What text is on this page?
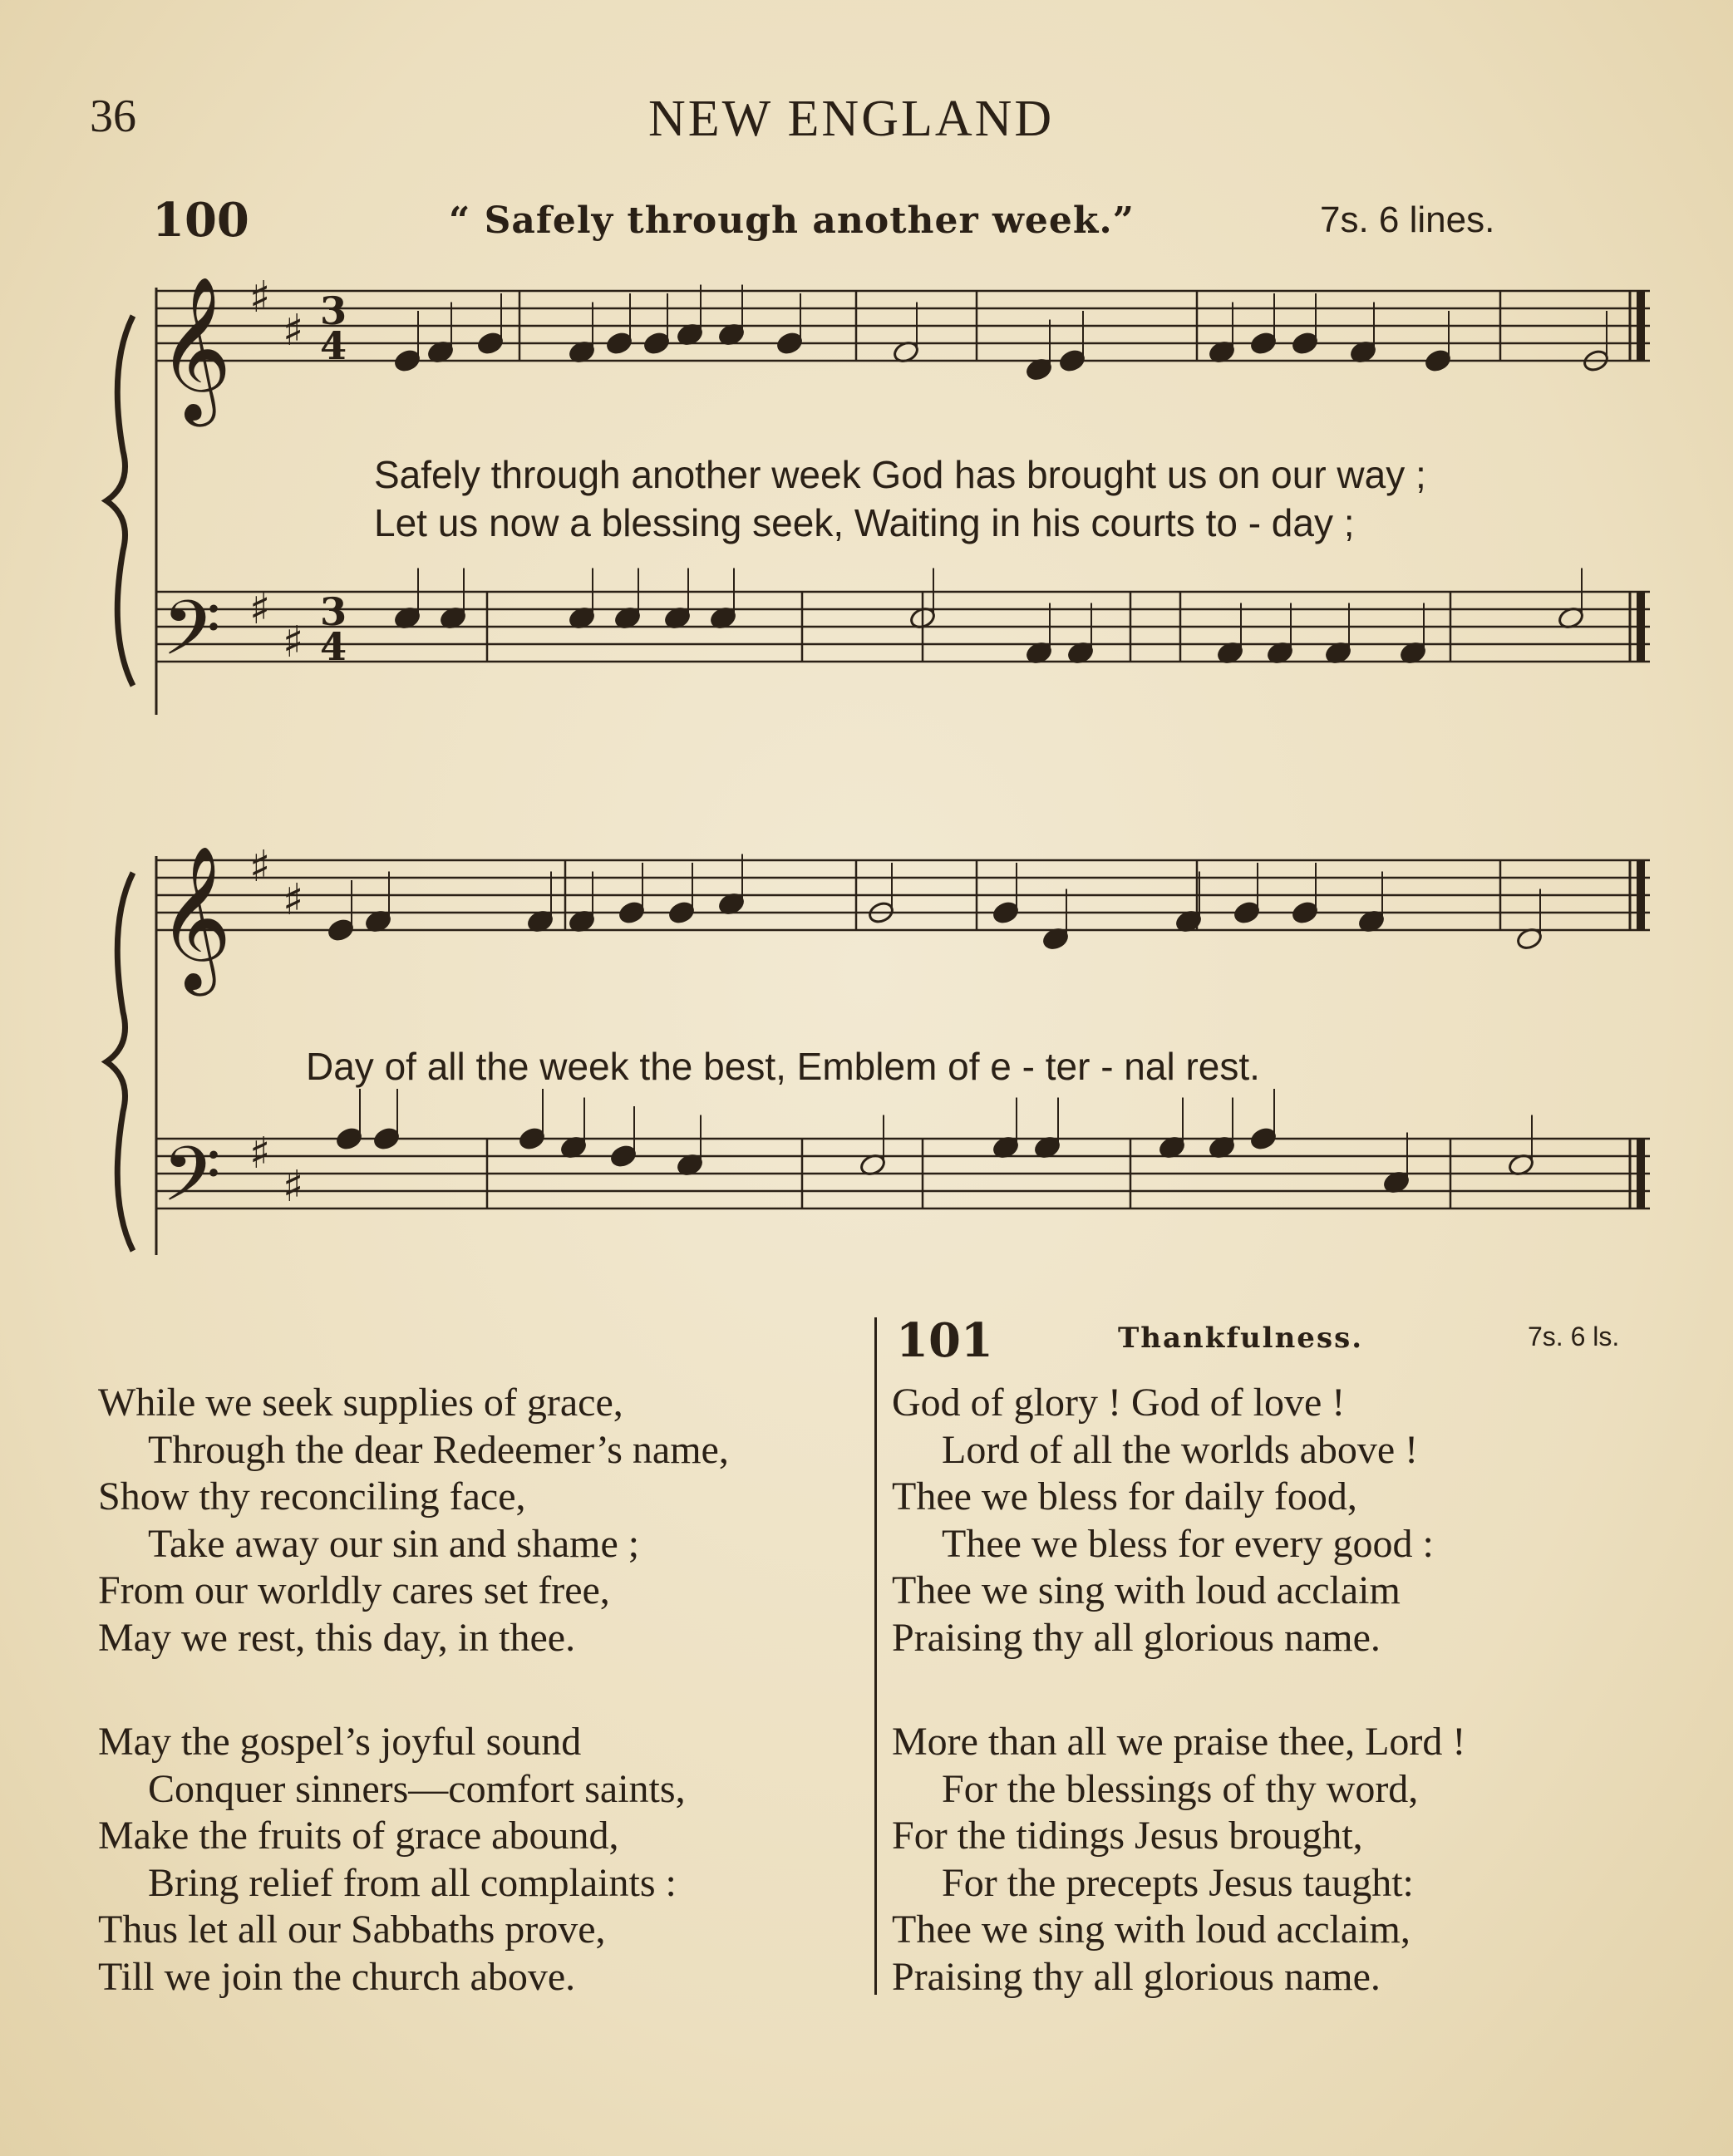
36	NEW ENGLAND
100	“ Safely through another week.”	7s. 6 lines.
𝄞 ♯
♯ 3
4
𝄢 ♯
♯
3
4
𝄞 ♯
♯
𝄢 ♯
♯
Safely through another week God has brought us on our way ;
Let us now a blessing seek, Waiting in his courts to - day ;
Day of all the week the best, Emblem of e - ter - nal rest.
101	Thankfulness.	7s. 6 ls.
While we seek supplies of grace,
Through the dear Redeemer’s name,
Show thy reconciling face,
Take away our sin and shame ;
From our worldly cares set free,
May we rest, this day, in thee.
May the gospel’s joyful sound
Conquer sinners—comfort saints,
Make the fruits of grace abound,
Bring relief from all complaints :
Thus let all our Sabbaths prove,
Till we join the church above.
God of glory ! God of love !
Lord of all the worlds above !
Thee we bless for daily food,
Thee we bless for every good :
Thee we sing with loud acclaim
Praising thy all glorious name.
More than all we praise thee, Lord !
For the blessings of thy word,
For the tidings Jesus brought,
For the precepts Jesus taught:
Thee we sing with loud acclaim,
Praising thy all glorious name.
